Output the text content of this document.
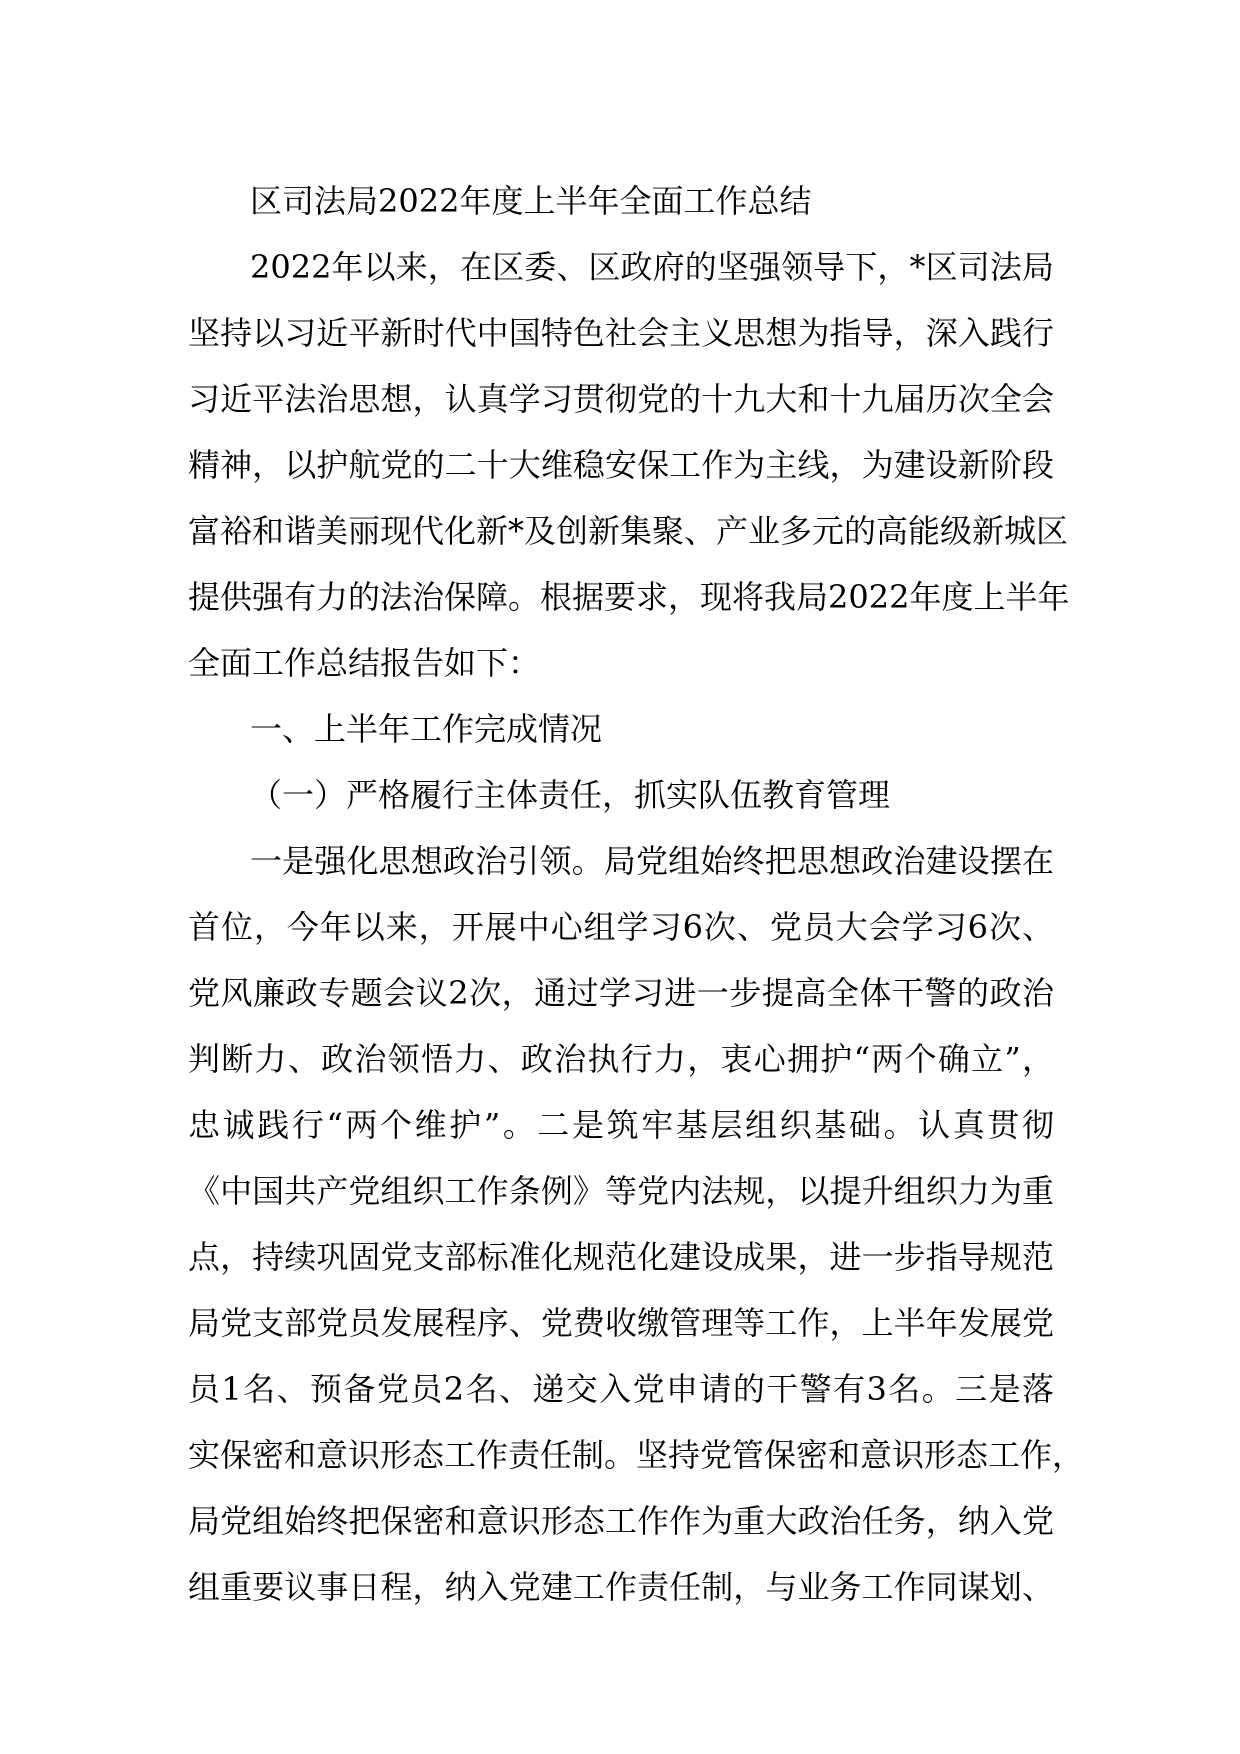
区司法局2022年度上半年全面工作总结
2022年以来，在区委、区政府的坚强领导下，*区司法局
坚持以习近平新时代中国特色社会主义思想为指导，深入践行
习近平法治思想，认真学习贯彻党的十九大和十九届历次全会
精神，以护航党的二十大维稳安保工作为主线，为建设新阶段
富裕和谐美丽现代化新*及创新集聚、产业多元的高能级新城区
提供强有力的法治保障。根据要求，现将我局2022年度上半年
全面工作总结报告如下：
一、上半年工作完成情况
（一）严格履行主体责任，抓实队伍教育管理
一是强化思想政治引领。局党组始终把思想政治建设摆在
首位，今年以来，开展中心组学习6次、党员大会学习6次、
党风廉政专题会议2次，通过学习进一步提高全体干警的政治
判断力、政治领悟力、政治执行力，衷心拥护“两个确立”，
忠诚践行“两个维护”。二是筑牢基层组织基础。认真贯彻
《中国共产党组织工作条例》等党内法规，以提升组织力为重
点，持续巩固党支部标准化规范化建设成果，进一步指导规范
局党支部党员发展程序、党费收缴管理等工作，上半年发展党
员1名、预备党员2名、递交入党申请的干警有3名。三是落
实保密和意识形态工作责任制。坚持党管保密和意识形态工作，
局党组始终把保密和意识形态工作作为重大政治任务，纳入党
组重要议事日程，纳入党建工作责任制，与业务工作同谋划、
